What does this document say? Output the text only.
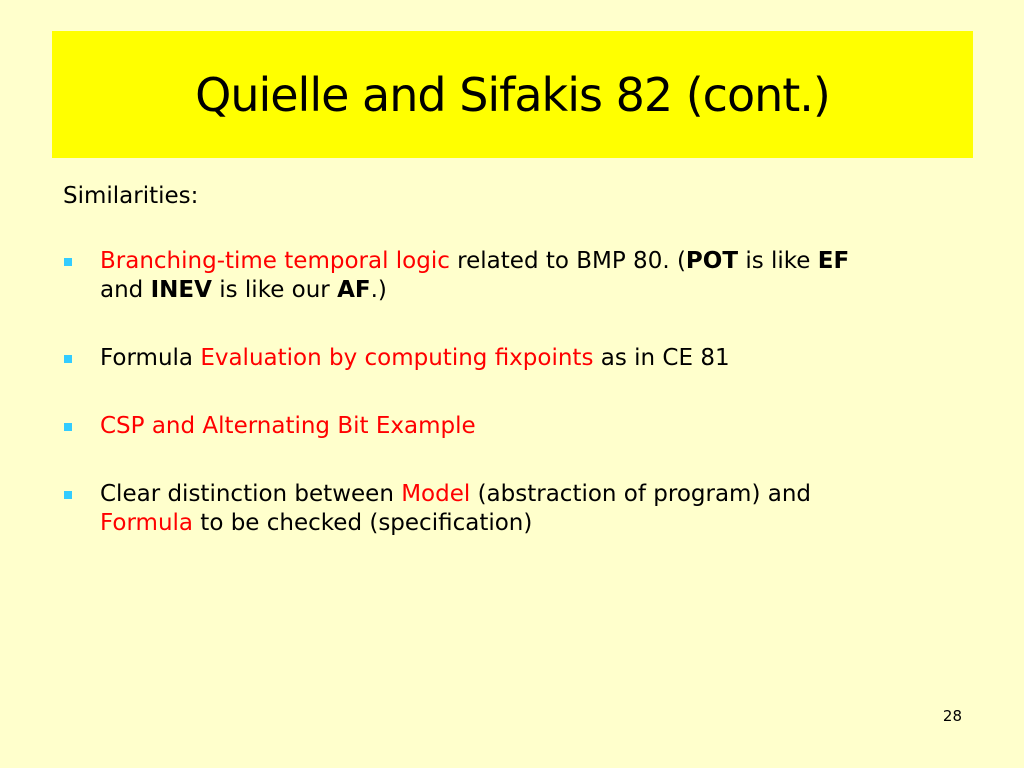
Quielle and Sifakis 82 (cont.)
Similarities:
Branching-time temporal logic related to BMP 80. (POT is like EF
and INEV is like our AF.)
Formula Evaluation by computing fixpoints as in CE 81
CSP and Alternating Bit Example
Clear distinction between Model (abstraction of program) and
Formula to be checked (specification)
28
